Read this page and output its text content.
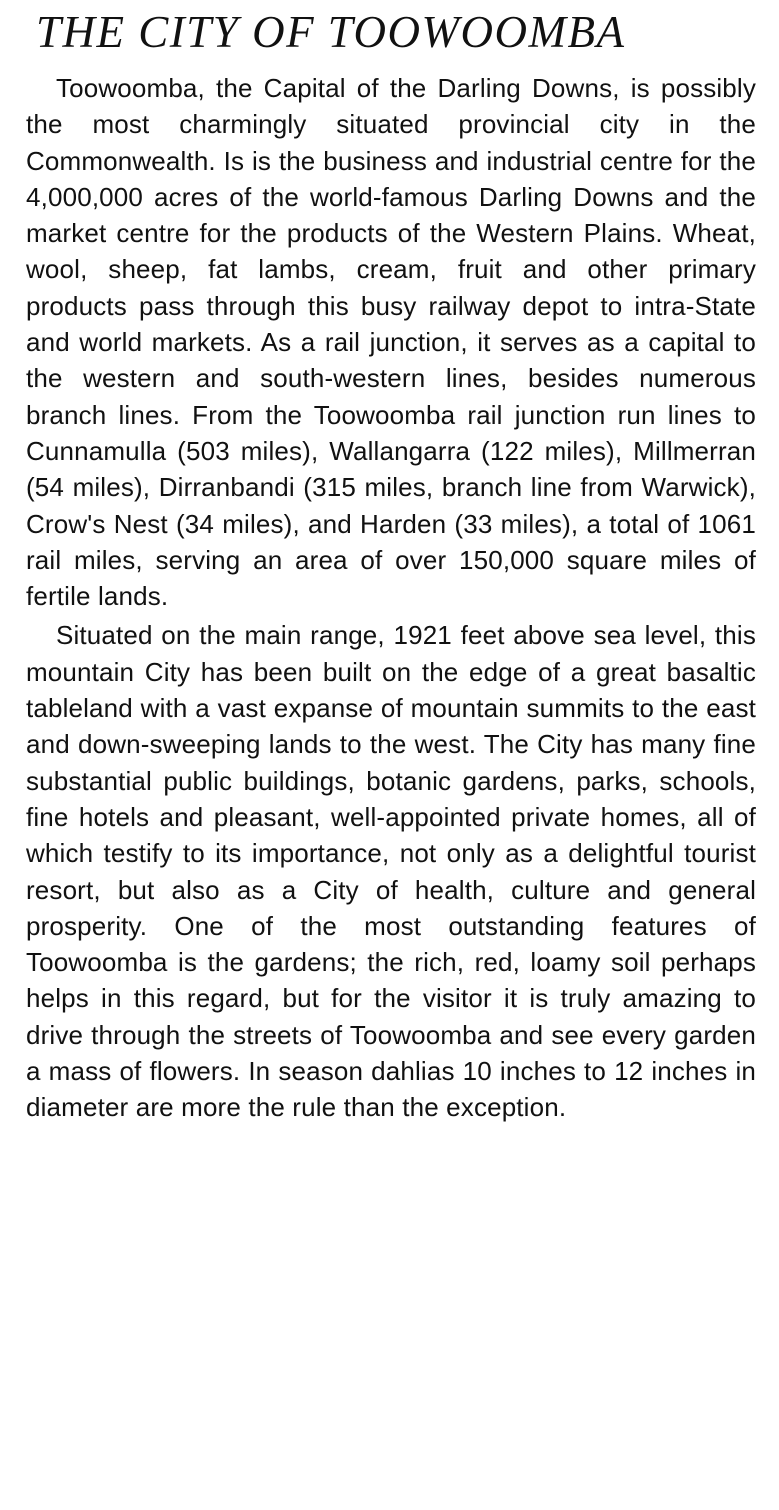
THE CITY OF TOOWOOMBA

Toowoomba, the Capital of the Darling Downs, is possibly the most charmingly situated provincial city in the Commonwealth. Is is the business and industrial centre for the 4,000,000 acres of the world-famous Darling Downs and the market centre for the products of the Western Plains. Wheat, wool, sheep, fat lambs, cream, fruit and other primary products pass through this busy railway depot to intra-State and world markets. As a rail junction, it serves as a capital to the western and south-western lines, besides numerous branch lines. From the Toowoomba rail junction run lines to Cunnamulla (503 miles), Wallangarra (122 miles), Millmerran (54 miles), Dirranbandi (315 miles, branch line from Warwick), Crow's Nest (34 miles), and Harden (33 miles), a total of 1061 rail miles, serving an area of over 150,000 square miles of fertile lands.

Situated on the main range, 1921 feet above sea level, this mountain City has been built on the edge of a great basaltic tableland with a vast expanse of mountain summits to the east and down-sweeping lands to the west. The City has many fine substantial public buildings, botanic gardens, parks, schools, fine hotels and pleasant, well-appointed private homes, all of which testify to its importance, not only as a delightful tourist resort, but also as a City of health, culture and general prosperity. One of the most outstanding features of Toowoomba is the gardens; the rich, red, loamy soil perhaps helps in this regard, but for the visitor it is truly amazing to drive through the streets of Toowoomba and see every garden a mass of flowers. In season dahlias 10 inches to 12 inches in diameter are more the rule than the exception.
